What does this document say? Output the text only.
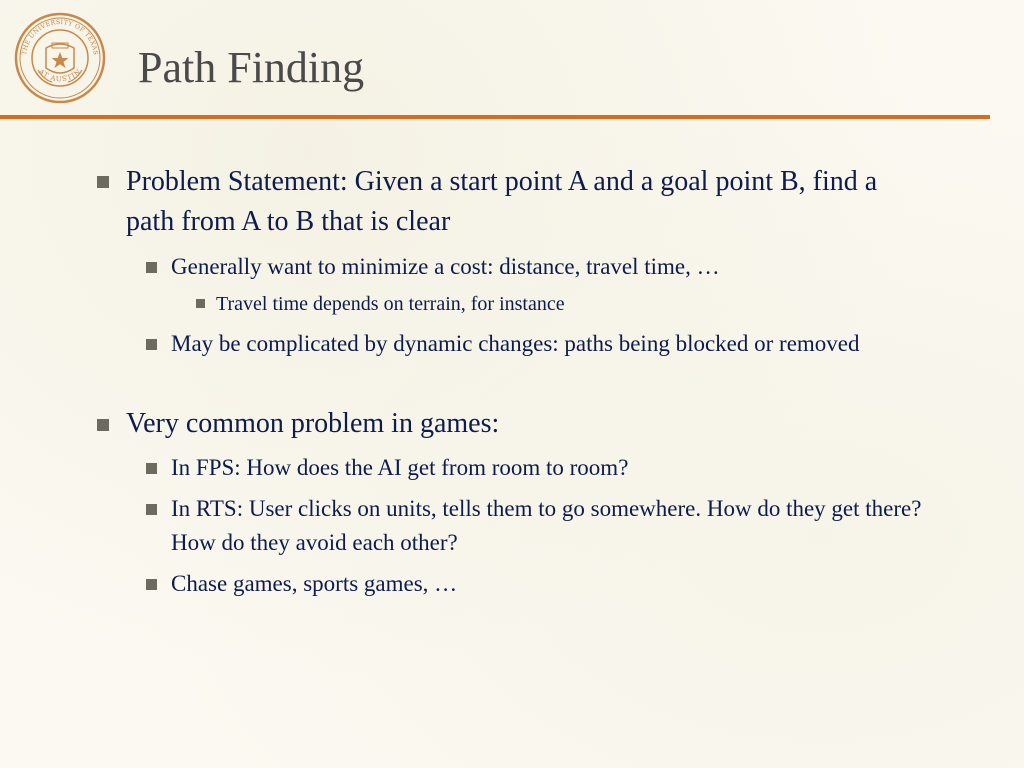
THE UNIVERSITY OF TEXAS
AT AUSTIN Path Finding
Problem Statement: Given a start point A and a goal point B, find a path from A to B that is clear
Generally want to minimize a cost: distance, travel time, …
Travel time depends on terrain, for instance
May be complicated by dynamic changes: paths being blocked or removed
Very common problem in games:
In FPS: How does the AI get from room to room?
In RTS: User clicks on units, tells them to go somewhere. How do they get there? How do they avoid each other?
Chase games, sports games, …
